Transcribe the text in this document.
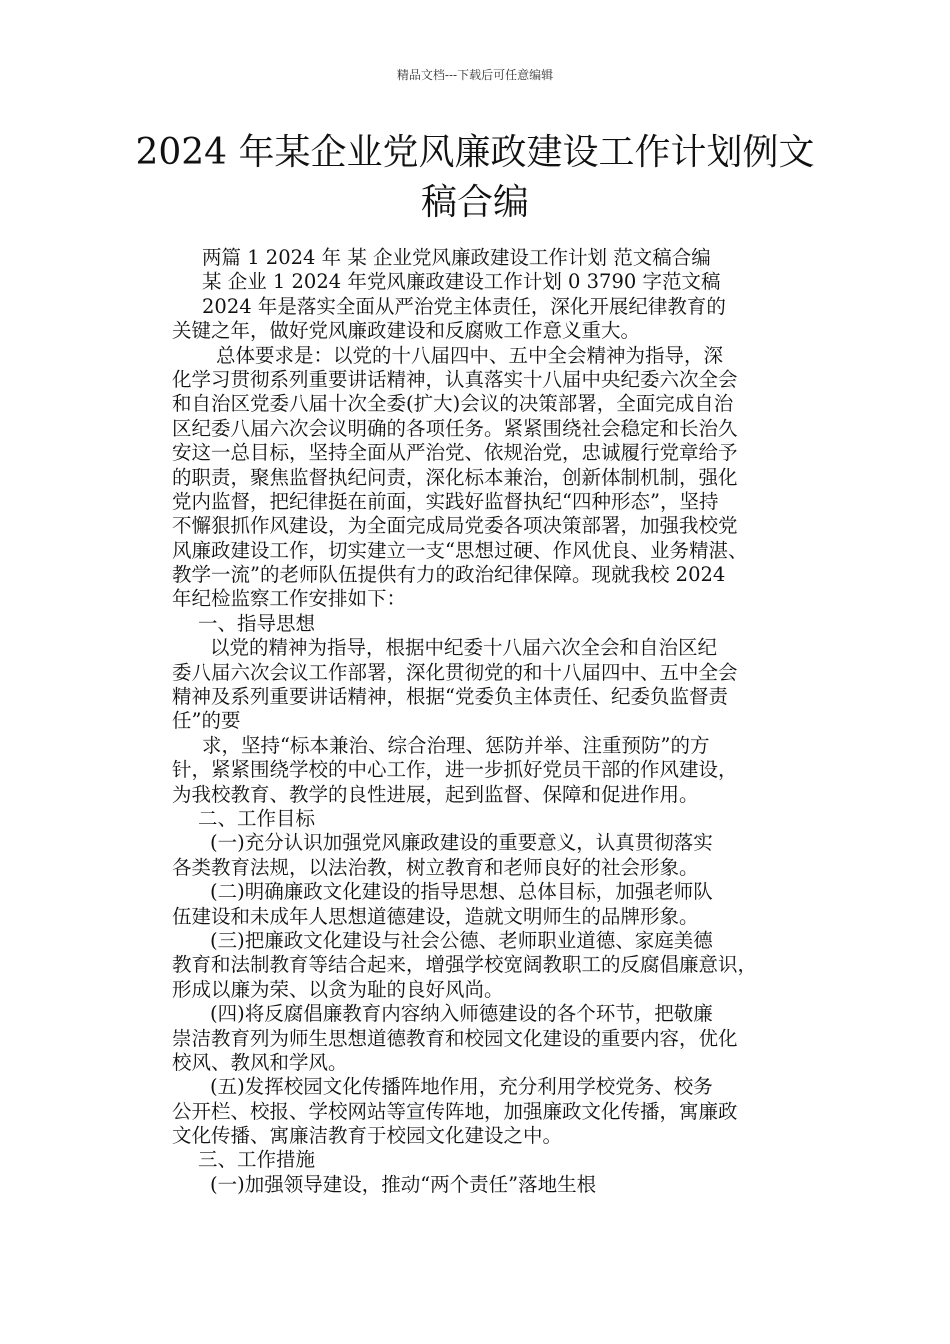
精品文档---下载后可任意编辑
2024 年某企业党风廉政建设工作计划例文
稿合编
两篇 1 2024 年 某 企业党风廉政建设工作计划 范文稿合编
某 企业 1 2024 年党风廉政建设工作计划 0 3790 字范文稿
2024 年是落实全面从严治党主体责任，深化开展纪律教育的
关键之年，做好党风廉政建设和反腐败工作意义重大。
总体要求是：以党的十八届四中、五中全会精神为指导，深
化学习贯彻系列重要讲话精神，认真落实十八届中央纪委六次全会
和自治区党委八届十次全委(扩大)会议的决策部署，全面完成自治
区纪委八届六次会议明确的各项任务。紧紧围绕社会稳定和长治久
安这一总目标，坚持全面从严治党、依规治党，忠诚履行党章给予
的职责，聚焦监督执纪问责，深化标本兼治，创新体制机制，强化
党内监督，把纪律挺在前面，实践好监督执纪“四种形态”，坚持
不懈狠抓作风建设，为全面完成局党委各项决策部署，加强我校党
风廉政建设工作，切实建立一支“思想过硬、作风优良、业务精湛、
教学一流”的老师队伍提供有力的政治纪律保障。现就我校 2024
年纪检监察工作安排如下：
一、指导思想
以党的精神为指导，根据中纪委十八届六次全会和自治区纪
委八届六次会议工作部署，深化贯彻党的和十八届四中、五中全会
精神及系列重要讲话精神，根据“党委负主体责任、纪委负监督责
任”的要
求，坚持“标本兼治、综合治理、惩防并举、注重预防”的方
针，紧紧围绕学校的中心工作，进一步抓好党员干部的作风建设，
为我校教育、教学的良性进展，起到监督、保障和促进作用。
二、工作目标
(一)充分认识加强党风廉政建设的重要意义，认真贯彻落实
各类教育法规，以法治教，树立教育和老师良好的社会形象。
(二)明确廉政文化建设的指导思想、总体目标，加强老师队
伍建设和未成年人思想道德建设，造就文明师生的品牌形象。
(三)把廉政文化建设与社会公德、老师职业道德、家庭美德
教育和法制教育等结合起来，增强学校宽阔教职工的反腐倡廉意识，
形成以廉为荣、以贪为耻的良好风尚。
(四)将反腐倡廉教育内容纳入师德建设的各个环节，把敬廉
崇洁教育列为师生思想道德教育和校园文化建设的重要内容，优化
校风、教风和学风。
(五)发挥校园文化传播阵地作用，充分利用学校党务、校务
公开栏、校报、学校网站等宣传阵地，加强廉政文化传播，寓廉政
文化传播、寓廉洁教育于校园文化建设之中。
三、工作措施
(一)加强领导建设，推动“两个责任”落地生根
